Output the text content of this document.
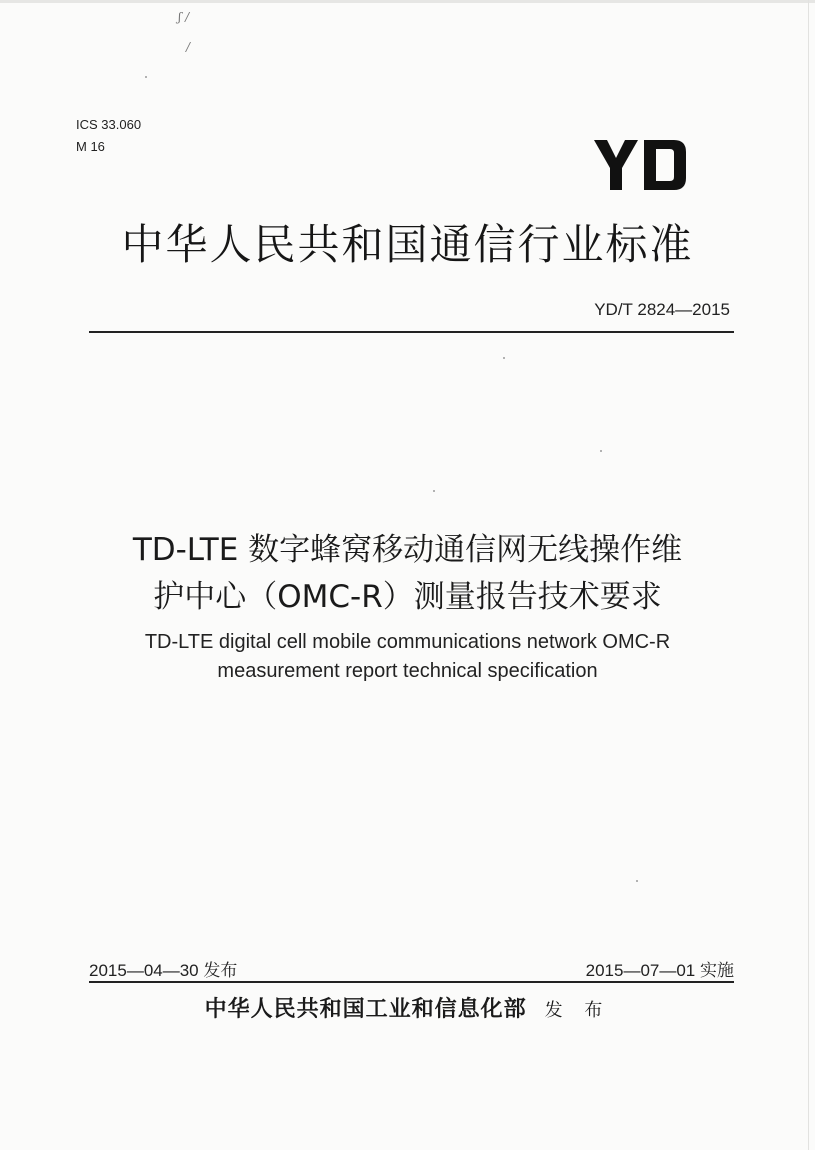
ʃ /
/
ICS 33.060
M 16
中华人民共和国通信行业标准
YD/T 2824—2015
TD-LTE 数字蜂窝移动通信网无线操作维
护中心（OMC-R）测量报告技术要求
TD-LTE digital cell mobile communications network OMC-R
measurement report technical specification
2015—04—30 发布	2015—07—01 实施
中华人民共和国工业和信息化部 发 布
